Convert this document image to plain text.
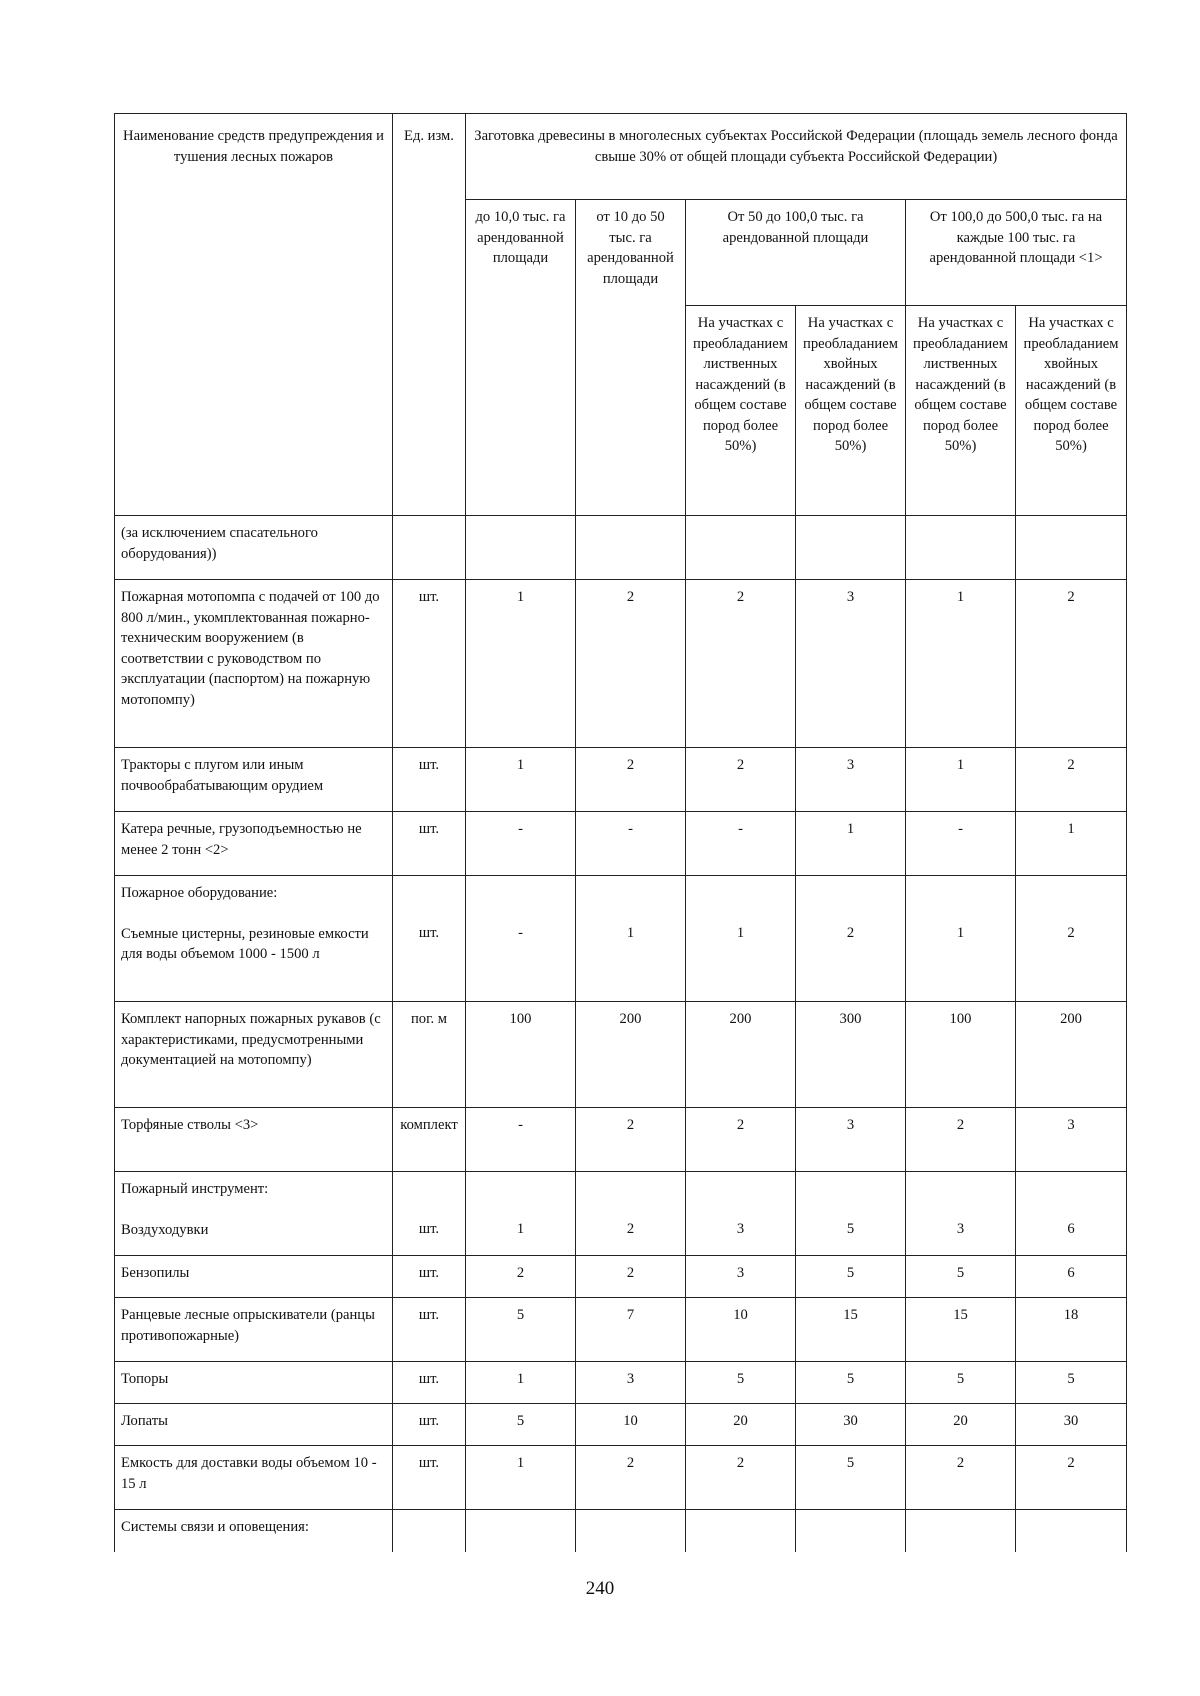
Наименование средств предупреждения и тушения лесных пожаров	Ед. изм.	Заготовка древесины в многолесных субъектах Российской Федерации (площадь земель лесного фонда свыше 30% от общей площади субъекта Российской Федерации)					
		до 10,0 тыс. га арендованной площади	от 10 до 50 тыс. га арендованной площади	От 50 до 100,0 тыс. га арендованной площади		От 100,0 до 500,0 тыс. га на каждые 100 тыс. га арендованной площади <1>	
				На участках с преобладанием лиственных насаждений (в общем составе пород более 50%)	На участках с преобладанием хвойных насаждений (в общем составе пород более 50%)	На участках с преобладанием лиственных насаждений (в общем составе пород более 50%)	На участках с преобладанием хвойных насаждений (в общем составе пород более 50%)
(за исключением спасательного оборудования))							
Пожарная мотопомпа с подачей от 100 до 800 л/мин., укомплектованная пожарно-техническим вооружением (в соответствии с руководством по эксплуатации (паспортом) на пожарную мотопомпу)	шт.	1	2	2	3	1	2
Тракторы с плугом или иным почвообрабатывающим орудием	шт.	1	2	2	3	1	2
Катера речные, грузоподъемностью не менее 2 тонн <2>	шт.	-	-	-	1	-	1
Пожарное оборудование:
Съемные цистерны, резиновые емкости для воды объемом 1000 - 1500 л	шт.	-	1	1	2	1	2
Комплект напорных пожарных рукавов (с характеристиками, предусмотренными документацией на мотопомпу)	пог. м	100	200	200	300	100	200
Торфяные стволы <3>	комплект	-	2	2	3	2	3
Пожарный инструмент:
Воздуходувки	шт.	1	2	3	5	3	6
Бензопилы	шт.	2	2	3	5	5	6
Ранцевые лесные опрыскиватели (ранцы противопожарные)	шт.	5	7	10	15	15	18
Топоры	шт.	1	3	5	5	5	5
Лопаты	шт.	5	10	20	30	20	30
Емкость для доставки воды объемом 10 - 15 л	шт.	1	2	2	5	2	2
Системы связи и оповещения:							
240
